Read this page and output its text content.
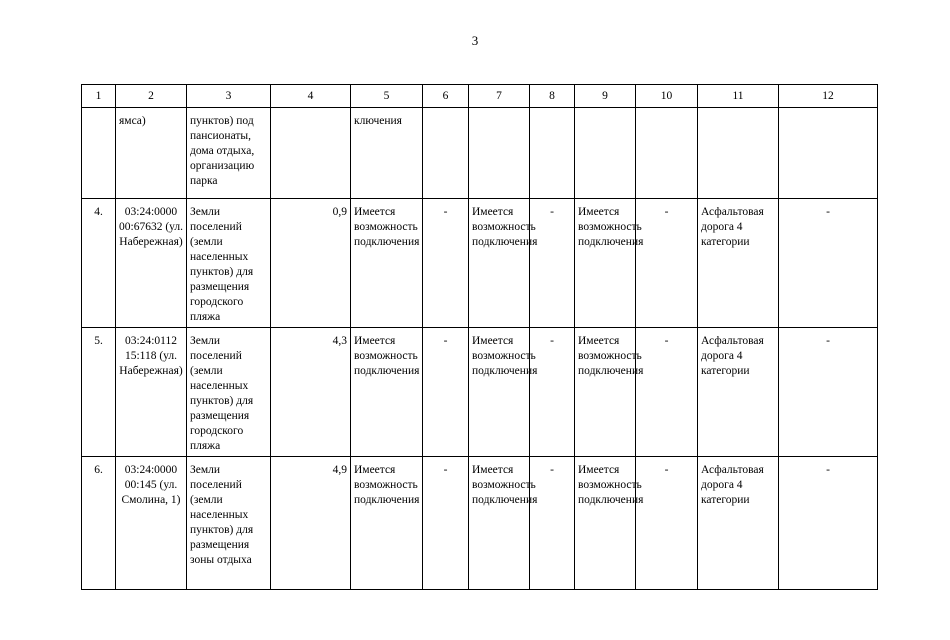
3
1	2	3	4	5	6	7	8	9	10	11	12
	ямса)	пунктов) под пансионаты, дома отдыха, организацию парка		ключения							
4.	03:24:0000 00:67632 (ул. Набережная)	Земли поселений (земли населенных пунктов) для размещения городского пляжа	0,9	Имеется возможность подключения	-	Имеется возможность подключения	-	Имеется возможность подключения	-	Асфальтовая дорога 4 категории	-
5.	03:24:0112 15:118 (ул. Набережная)	Земли поселений (земли населенных пунктов) для размещения городского пляжа	4,3	Имеется возможность подключения	-	Имеется возможность подключения	-	Имеется возможность подключения	-	Асфальтовая дорога 4 категории	-
6.	03:24:0000 00:145 (ул. Смолина, 1)	Земли поселений (земли населенных пунктов) для размещения зоны отдыха	4,9	Имеется возможность подключения	-	Имеется возможность подключения	-	Имеется возможность подключения	-	Асфальтовая дорога 4 категории	-
